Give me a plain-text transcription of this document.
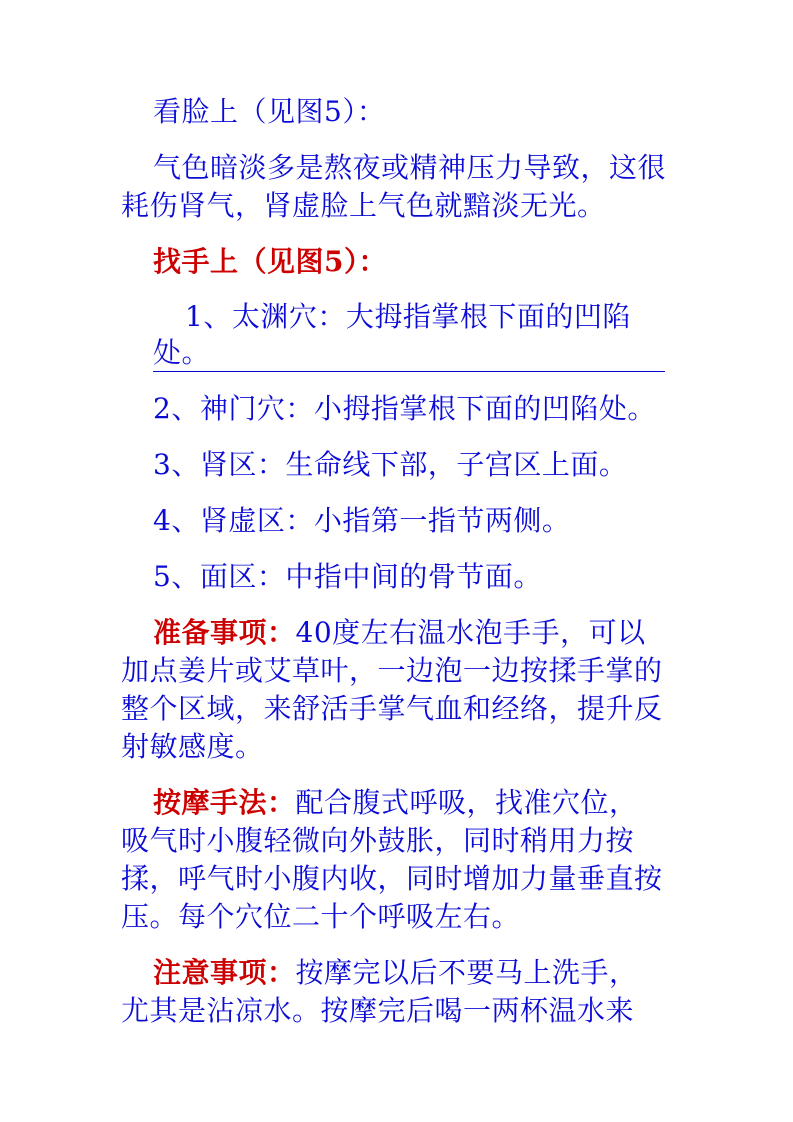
看脸上（见图5）：

气色暗淡多是熬夜或精神压力导致，这很耗伤肾气，肾虚脸上气色就黯淡无光。

找手上（见图5）：

1、太渊穴：大拇指掌根下面的凹陷处。

2、神门穴：小拇指掌根下面的凹陷处。

3、肾区：生命线下部，子宫区上面。

4、肾虚区：小指第一指节两侧。

5、面区：中指中间的骨节面。

准备事项：40度左右温水泡手手，可以加点姜片或艾草叶，一边泡一边按揉手掌的整个区域，来舒活手掌气血和经络，提升反射敏感度。

按摩手法：配合腹式呼吸，找准穴位，吸气时小腹轻微向外鼓胀，同时稍用力按揉，呼气时小腹内收，同时增加力量垂直按压。每个穴位二十个呼吸左右。

注意事项：按摩完以后不要马上洗手，尤其是沾凉水。按摩完后喝一两杯温水来
